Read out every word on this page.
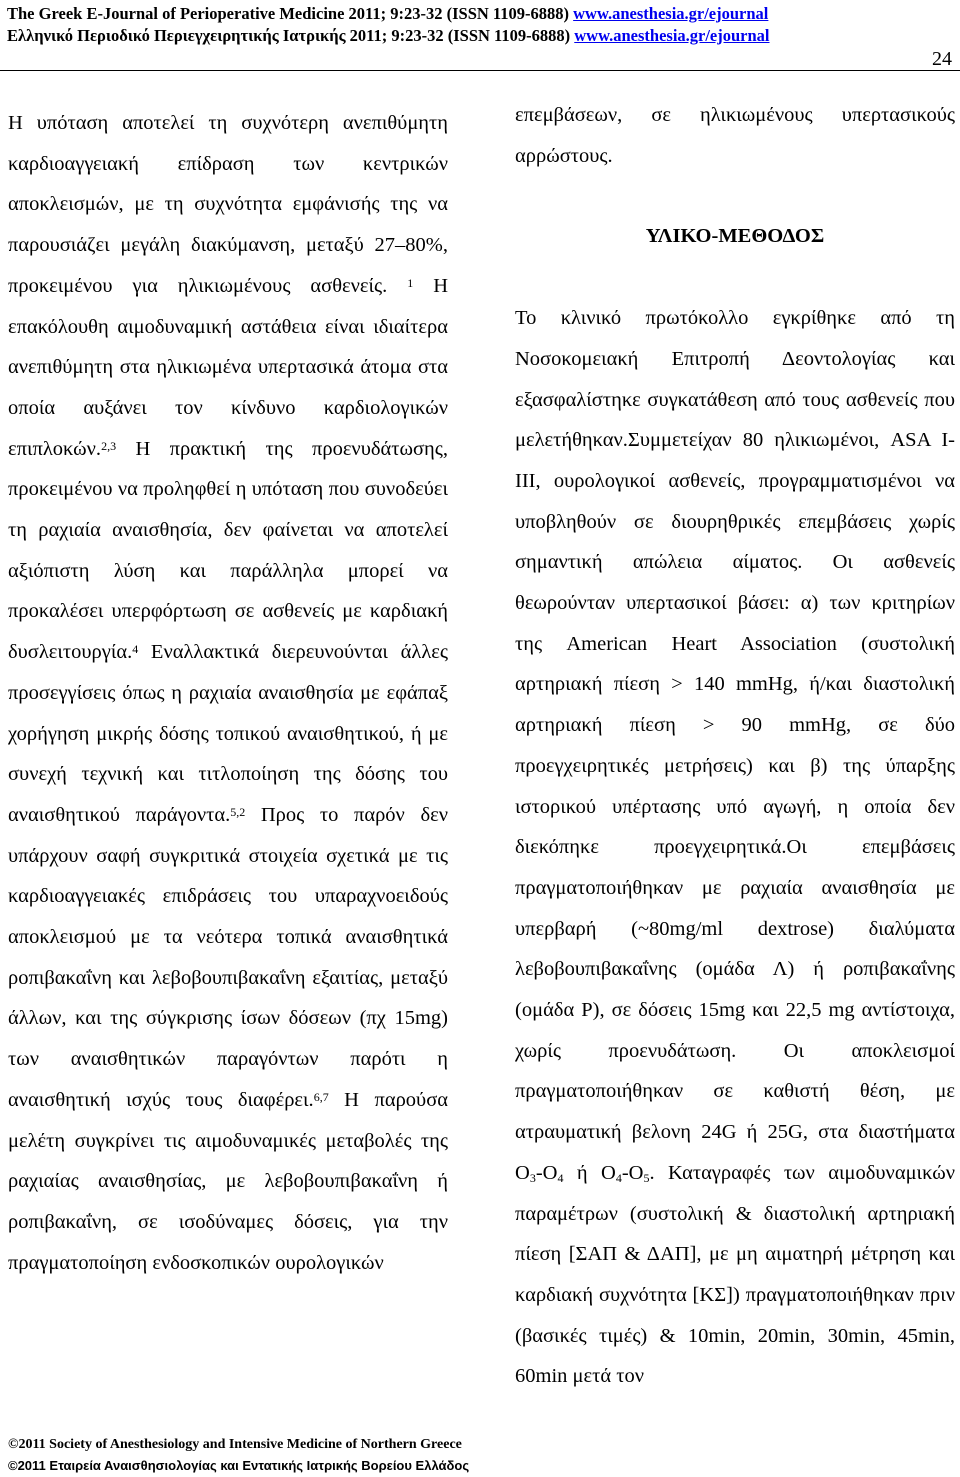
The Greek E-Journal of Perioperative Medicine 2011; 9:23-32 (ISSN 1109-6888) www.anesthesia.gr/ejournal
Ελληνικό Περιοδικό Περιεγχειρητικής Ιατρικής 2011; 9:23-32 (ISSN 1109-6888) www.anesthesia.gr/ejournal
24

Η υπόταση αποτελεί τη συχνότερη ανεπιθύμητη καρδιοαγγειακή επίδραση των κεντρικών αποκλεισμών, με τη συχνότητα εμφάνισής της να παρουσιάζει μεγάλη διακύμανση, μεταξύ 27–80%, προκειμένου για ηλικιωμένους ασθενείς. $^1$ Η επακόλουθη αιμοδυναμική αστάθεια είναι ιδιαίτερα ανεπιθύμητη στα ηλικιωμένα υπερτασικά άτομα στα οποία αυξάνει τον κίνδυνο καρδιολογικών επιπλοκών.$^{2,3}$ Η πρακτική της προενυδάτωσης, προκειμένου να προληφθεί η υπόταση που συνοδεύει τη ραχιαία αναισθησία, δεν φαίνεται να αποτελεί αξιόπιστη λύση και παράλληλα μπορεί να προκαλέσει υπερφόρτωση σε ασθενείς με καρδιακή δυσλειτουργία.$^4$ Εναλλακτικά διερευνούνται άλλες προσεγγίσεις όπως η ραχιαία αναισθησία με εφάπαξ χορήγηση μικρής δόσης τοπικού αναισθητικού, ή με συνεχή τεχνική και τιτλοποίηση της δόσης του αναισθητικού παράγοντα.$^{5,2}$ Προς το παρόν δεν υπάρχουν σαφή συγκριτικά στοιχεία σχετικά με τις καρδιοαγγειακές επιδράσεις του υπαραχνοειδούς αποκλεισμού με τα νεότερα τοπικά αναισθητικά ροπιβακαΐνη και λεβοβουπιβακαΐνη εξαιτίας, μεταξύ άλλων, και της σύγκρισης ίσων δόσεων (πχ 15mg) των αναισθητικών παραγόντων παρότι η αναισθητική ισχύς τους διαφέρει.$^{6,7}$ Η παρούσα μελέτη συγκρίνει τις αιμοδυναμικές μεταβολές της ραχιαίας αναισθησίας, με λεβοβουπιβακαΐνη ή ροπιβακαΐνη, σε ισοδύναμες δόσεις, για την πραγματοποίηση ενδοσκοπικών ουρολογικών

επεμβάσεων, σε ηλικιωμένους υπερτασικούς αρρώστους.

ΥΛΙΚΟ-ΜΕΘΟΔΟΣ

Το κλινικό πρωτόκολλο εγκρίθηκε από τη Νοσοκομειακή Επιτροπή Δεοντολογίας και εξασφαλίστηκε συγκατάθεση από τους ασθενείς που μελετήθηκαν.Συμμετείχαν 80 ηλικιωμένοι, ASA I-III, ουρολογικοί ασθενείς, προγραμματισμένοι να υποβληθούν σε διουρηθρικές επεμβάσεις χωρίς σημαντική απώλεια αίματος. Οι ασθενείς θεωρούνταν υπερτασικοί βάσει: α) των κριτηρίων της American Heart Association (συστολική αρτηριακή πίεση > 140 mmHg, ή/και διαστολική αρτηριακή πίεση > 90 mmHg, σε δύο προεγχειρητικές μετρήσεις) και β) της ύπαρξης ιστορικού υπέρτασης υπό αγωγή, η οποία δεν διεκόπηκε προεγχειρητικά.Οι επεμβάσεις πραγματοποιήθηκαν με ραχιαία αναισθησία με υπερβαρή (~80mg/ml dextrose) διαλύματα λεβοβουπιβακαΐνης (ομάδα Λ) ή ροπιβακαΐνης (ομάδα Ρ), σε δόσεις 15mg και 22,5 mg αντίστοιχα, χωρίς προενυδάτωση. Οι αποκλεισμοί πραγματοποιήθηκαν σε καθιστή θέση, με ατραυματική βελονη 24G ή 25G, στα διαστήματα $O_3-O_4$ ή $O_4-O_5$. Καταγραφές των αιμοδυναμικών παραμέτρων (συστολική & διαστολική αρτηριακή πίεση [ΣΑΠ & ΔΑΠ], με μη αιματηρή μέτρηση και καρδιακή συχνότητα [ΚΣ]) πραγματοποιήθηκαν πριν (βασικές τιμές) & 10min, 20min, 30min, 45min, 60min μετά τον

©2011 Society of Anesthesiology and Intensive Medicine of Northern Greece
©2011 Εταιρεία Αναισθησιολογίας και Εντατικής Ιατρικής Βορείου Ελλάδος
